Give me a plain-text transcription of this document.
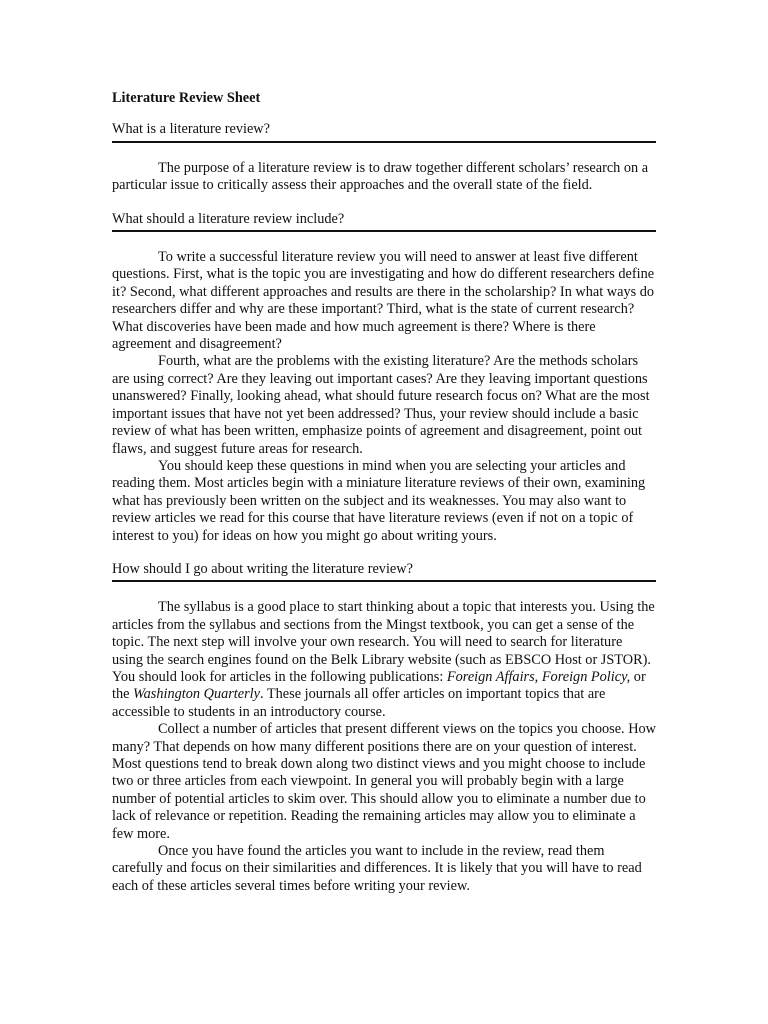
Literature Review Sheet
What is a literature review?

The purpose of a literature review is to draw together different scholars’ research on a particular issue to critically assess their approaches and the overall state of the field.

What should a literature review include?

To write a successful literature review you will need to answer at least five different questions. First, what is the topic you are investigating and how do different researchers define it? Second, what different approaches and results are there in the scholarship? In what ways do researchers differ and why are these important? Third, what is the state of current research? What discoveries have been made and how much agreement is there? Where is there agreement and disagreement?

Fourth, what are the problems with the existing literature? Are the methods scholars are using correct? Are they leaving out important cases? Are they leaving important questions unanswered? Finally, looking ahead, what should future research focus on? What are the most important issues that have not yet been addressed? Thus, your review should include a basic review of what has been written, emphasize points of agreement and disagreement, point out flaws, and suggest future areas for research.

You should keep these questions in mind when you are selecting your articles and reading them. Most articles begin with a miniature literature reviews of their own, examining what has previously been written on the subject and its weaknesses. You may also want to review articles we read for this course that have literature reviews (even if not on a topic of interest to you) for ideas on how you might go about writing yours.

How should I go about writing the literature review?

The syllabus is a good place to start thinking about a topic that interests you. Using the articles from the syllabus and sections from the Mingst textbook, you can get a sense of the topic. The next step will involve your own research. You will need to search for literature using the search engines found on the Belk Library website (such as EBSCO Host or JSTOR). You should look for articles in the following publications: Foreign Affairs, Foreign Policy, or the Washington Quarterly. These journals all offer articles on important topics that are accessible to students in an introductory course.

Collect a number of articles that present different views on the topics you choose. How many? That depends on how many different positions there are on your question of interest. Most questions tend to break down along two distinct views and you might choose to include two or three articles from each viewpoint. In general you will probably begin with a large number of potential articles to skim over. This should allow you to eliminate a number due to lack of relevance or repetition. Reading the remaining articles may allow you to eliminate a few more.

Once you have found the articles you want to include in the review, read them carefully and focus on their similarities and differences. It is likely that you will have to read each of these articles several times before writing your review.
